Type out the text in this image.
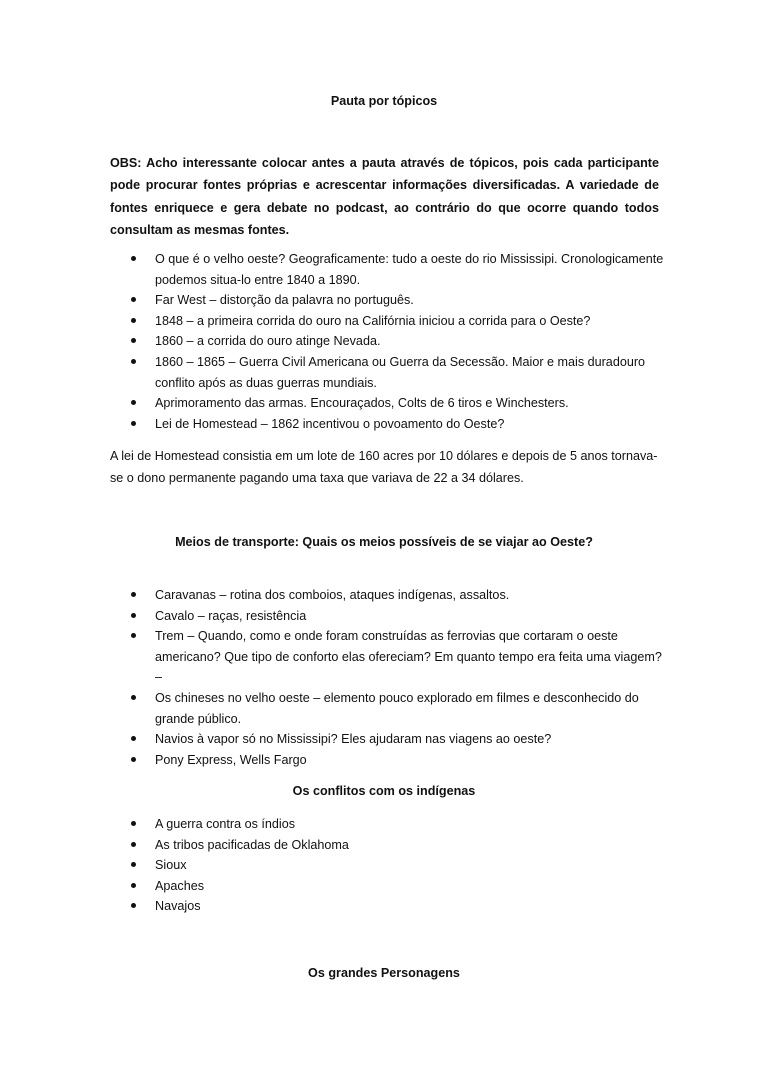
Pauta por tópicos

OBS: Acho interessante colocar antes a pauta através de tópicos, pois cada participante pode procurar fontes próprias e acrescentar informações diversificadas. A variedade de fontes enriquece e gera debate no podcast, ao contrário do que ocorre quando todos consultam as mesmas fontes.

O que é o velho oeste? Geograficamente: tudo a oeste do rio Mississipi. Cronologicamente podemos situa-lo entre 1840 a 1890.
Far West – distorção da palavra no português.
1848 – a primeira corrida do ouro na Califórnia iniciou a corrida para o Oeste?
1860 – a corrida do ouro atinge Nevada.
1860 – 1865 – Guerra Civil Americana ou Guerra da Secessão. Maior e mais duradouro conflito após as duas guerras mundiais.
Aprimoramento das armas. Encouraçados, Colts de 6 tiros e Winchesters.
Lei de Homestead – 1862 incentivou o povoamento do Oeste?

A lei de Homestead consistia em um lote de 160 acres por 10 dólares e depois de 5 anos tornava-se o dono permanente pagando uma taxa que variava de 22 a 34 dólares.

Meios de transporte: Quais os meios possíveis de se viajar ao Oeste?
Caravanas – rotina dos comboios, ataques indígenas, assaltos.
Cavalo – raças, resistência
Trem – Quando, como e onde foram construídas as ferrovias que cortaram o oeste americano? Que tipo de conforto elas ofereciam? Em quanto tempo era feita uma viagem? –
Os chineses no velho oeste – elemento pouco explorado em filmes e desconhecido do grande público.
Navios à vapor só no Mississipi? Eles ajudaram nas viagens ao oeste?
Pony Express, Wells Fargo
Os conflitos com os indígenas
A guerra contra os índios
As tribos pacificadas de Oklahoma
Sioux
Apaches
Navajos
Os grandes Personagens
